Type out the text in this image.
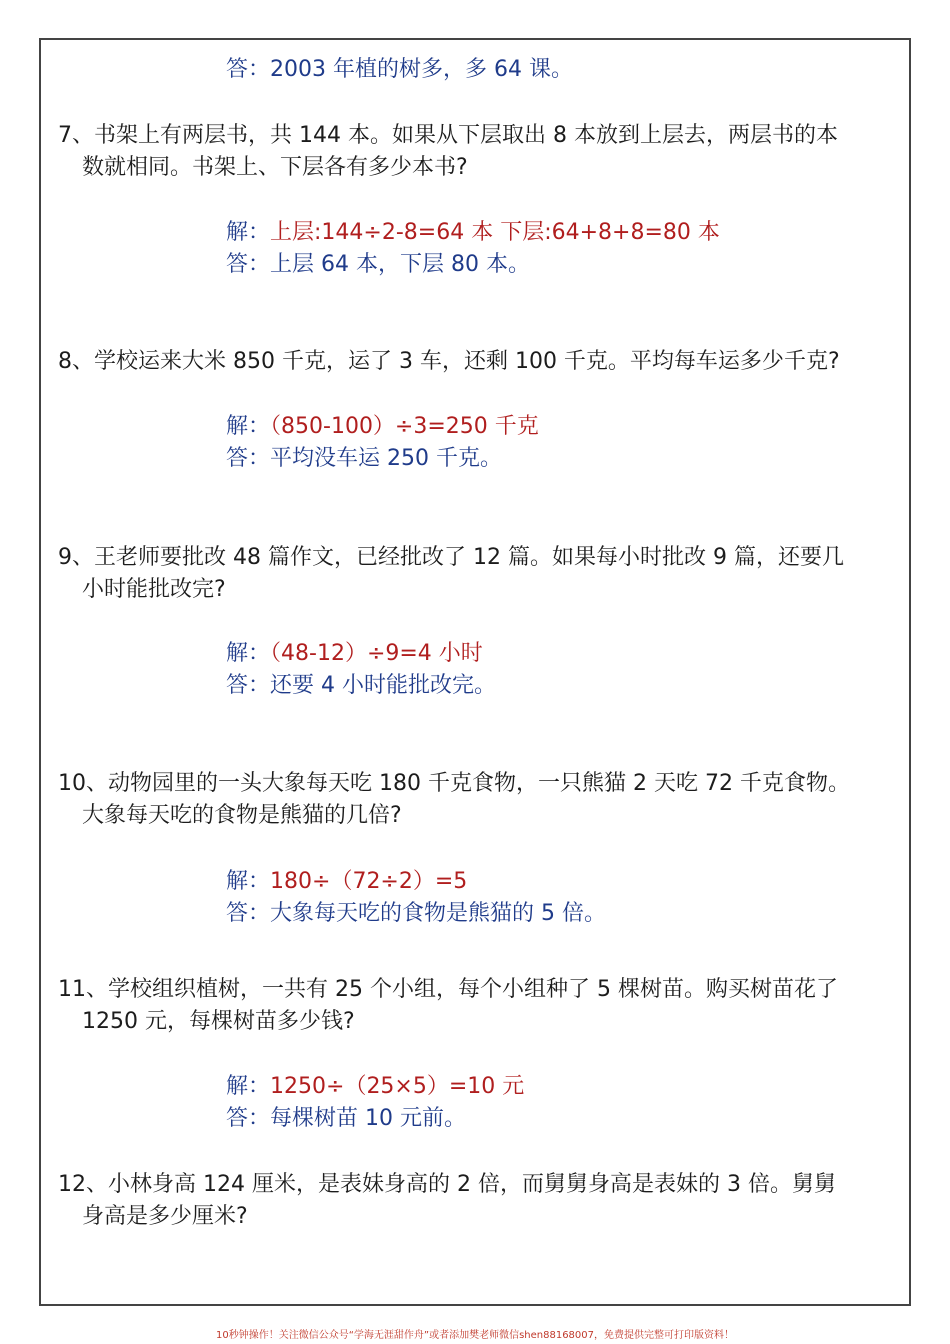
答：2003 年植的树多，多 64 课。
7、书架上有两层书，共 144 本。如果从下层取出 8 本放到上层去，两层书的本
数就相同。书架上、下层各有多少本书?
解：上层:144÷2-8=64 本 下层:64+8+8=80 本
答：上层 64 本，下层 80 本。
8、学校运来大米 850 千克，运了 3 车，还剩 100 千克。平均每车运多少千克?
解：（850-100）÷3=250 千克
答：平均没车运 250 千克。
9、王老师要批改 48 篇作文，已经批改了 12 篇。如果每小时批改 9 篇，还要几
小时能批改完?
解：（48-12）÷9=4 小时
答：还要 4 小时能批改完。
10、动物园里的一头大象每天吃 180 千克食物，一只熊猫 2 天吃 72 千克食物。
大象每天吃的食物是熊猫的几倍?
解：180÷（72÷2）=5
答：大象每天吃的食物是熊猫的 5 倍。
11、学校组织植树，一共有 25 个小组，每个小组种了 5 棵树苗。购买树苗花了
1250 元，每棵树苗多少钱?
解：1250÷（25×5）=10 元
答：每棵树苗 10 元前。
12、小林身高 124 厘米，是表妹身高的 2 倍，而舅舅身高是表妹的 3 倍。舅舅
身高是多少厘米?
10秒钟操作！关注微信公众号“学海无涯甜作舟”或者添加樊老师微信shen88168007，免费提供完整可打印版资料！
